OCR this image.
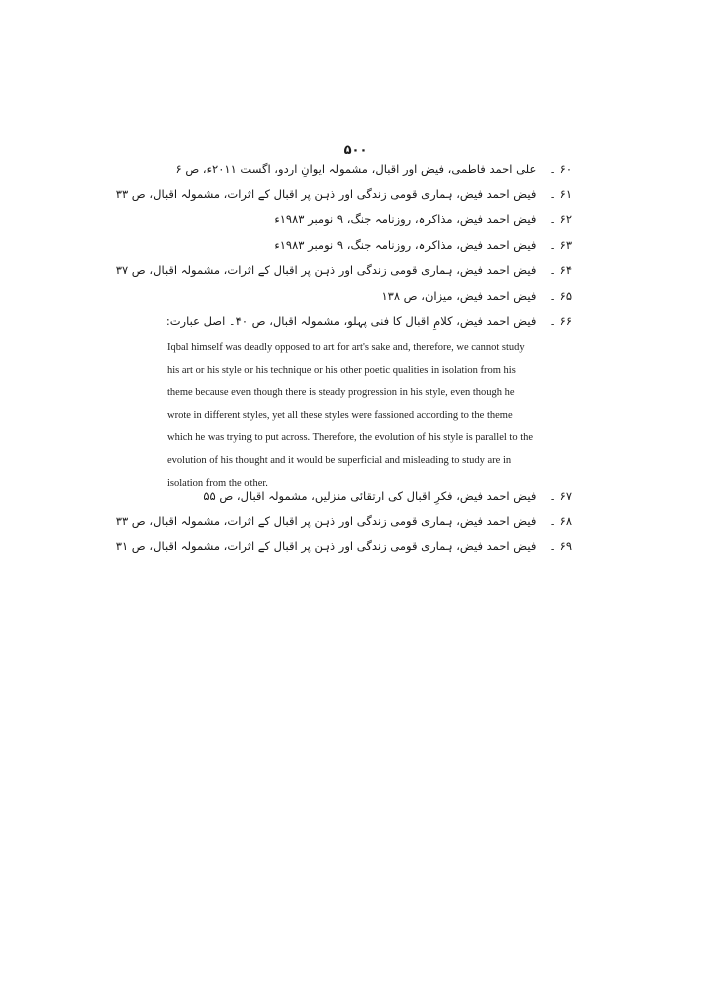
۵۰۰
۶۰ ۔ علی احمد فاطمی، فیض اور اقبال، مشمولہ ایوانِ اردو، اگست ۲۰۱۱ء، ص ۶
۶۱ ۔ فیض احمد فیض، ہماری قومی زندگی اور ذہن پر اقبال کے اثرات، مشمولہ اقبال، ص ۳۳
۶۲ ۔ فیض احمد فیض، مذاکرہ، روزنامہ جنگ، ۹ نومبر ۱۹۸۳ء
۶۳ ۔ فیض احمد فیض، مذاکرہ، روزنامہ جنگ، ۹ نومبر ۱۹۸۳ء
۶۴ ۔ فیض احمد فیض، ہماری قومی زندگی اور ذہن پر اقبال کے اثرات، مشمولہ اقبال، ص ۳۷
۶۵ ۔ فیض احمد فیض، میزان، ص ۱۳۸
۶۶ ۔ فیض احمد فیض، کلامِ اقبال کا فنی پہلو، مشمولہ اقبال، ص ۴۰۔ اصل عبارت:

Iqbal himself was deadly opposed to art for art's sake and, therefore, we cannot study his art or his style or his technique or his other poetic qualities in isolation from his theme because even though there is steady progression in his style, even though he wrote in different styles, yet all these styles were fassioned according to the theme which he was trying to put across. Therefore, the evolution of his style is parallel to the evolution of his thought and it would be superficial and misleading to study are in isolation from the other.

۶۷ ۔ فیض احمد فیض، فکرِ اقبال کی ارتقائی منزلیں، مشمولہ اقبال، ص ۵۵
۶۸ ۔ فیض احمد فیض، ہماری قومی زندگی اور ذہن پر اقبال کے اثرات، مشمولہ اقبال، ص ۳۳
۶۹ ۔ فیض احمد فیض، ہماری قومی زندگی اور ذہن پر اقبال کے اثرات، مشمولہ اقبال، ص ۳۱
